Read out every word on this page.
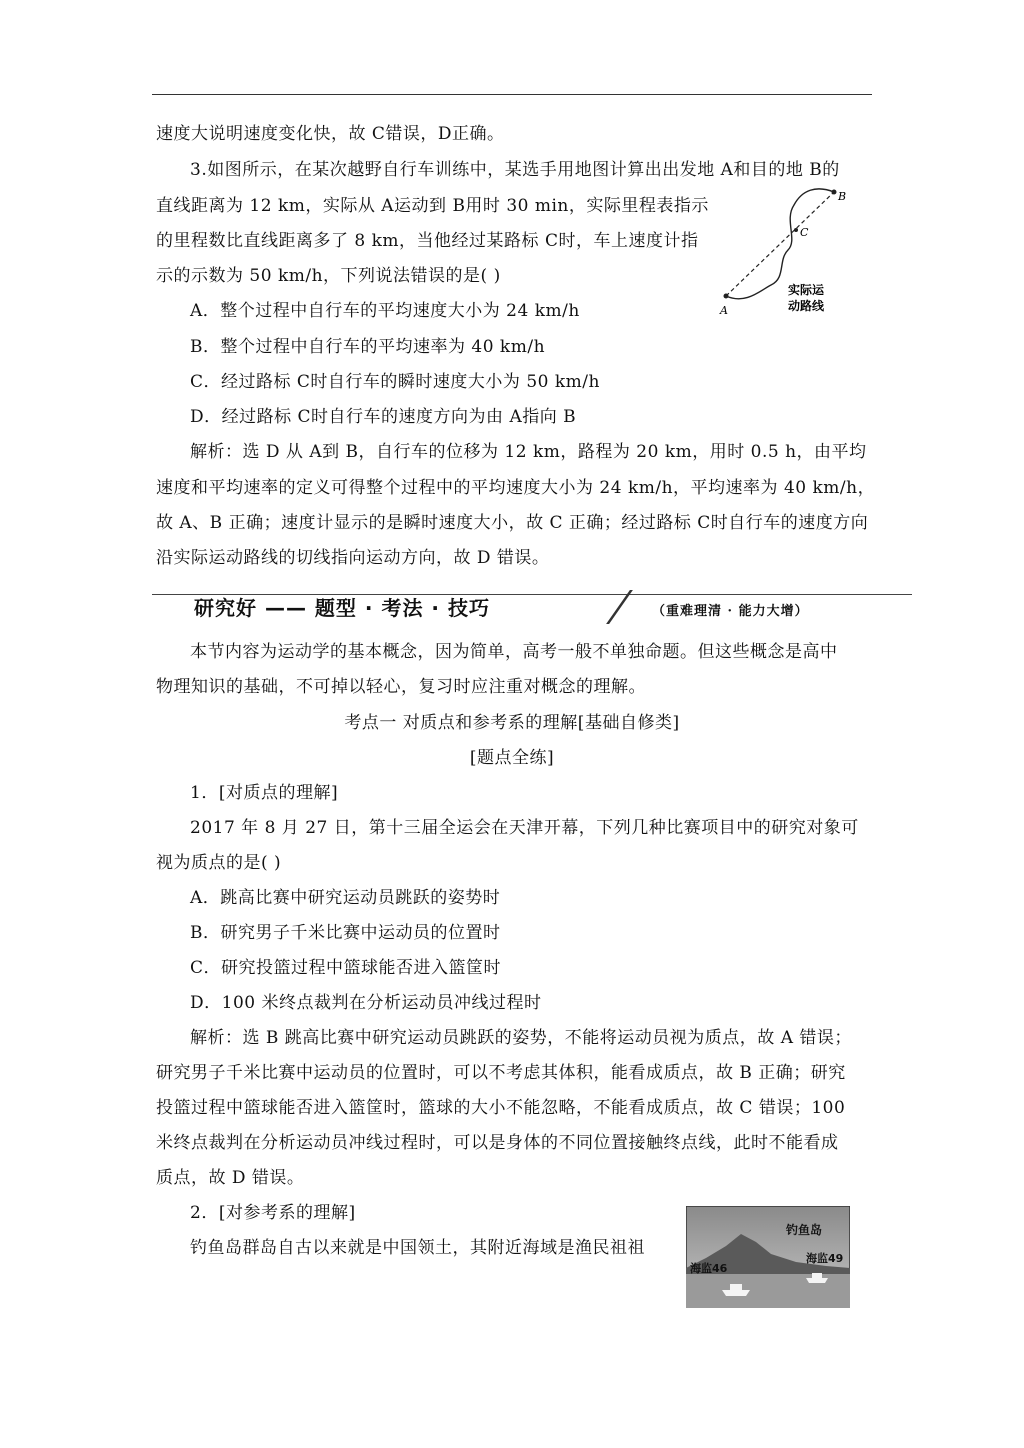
速度大说明速度变化快，故 C错误，D正确。
3.如图所示，在某次越野自行车训练中，某选手用地图计算出出发地 A和目的地 B的
直线距离为 12 km，实际从 A运动到 B用时 30 min，实际里程表指示
的里程数比直线距离多了 8 km，当他经过某路标 C时，车上速度计指
示的示数为 50 km/h，下列说法错误的是( )
A．整个过程中自行车的平均速度大小为 24 km/h
B．整个过程中自行车的平均速率为 40 km/h
C．经过路标 C时自行车的瞬时速度大小为 50 km/h
D．经过路标 C时自行车的速度方向为由 A指向 B
解析：选 D 从 A到 B，自行车的位移为 12 km，路程为 20 km，用时 0.5 h，由平均
速度和平均速率的定义可得整个过程中的平均速度大小为 24 km/h，平均速率为 40 km/h，
故 A、B 正确；速度计显示的是瞬时速度大小，故 C 正确；经过路标 C时自行车的速度方向
沿实际运动路线的切线指向运动方向，故 D 错误。
A
B
C
实际运
动路线
研究好 —— 题型 · 考法 · 技巧	（重难理清 · 能力大增）
本节内容为运动学的基本概念，因为简单，高考一般不单独命题。但这些概念是高中
物理知识的基础，不可掉以轻心，复习时应注重对概念的理解。
考点一 对质点和参考系的理解[基础自修类]
[题点全练]
1．[对质点的理解]
2017 年 8 月 27 日，第十三届全运会在天津开幕，下列几种比赛项目中的研究对象可
视为质点的是( )
A．跳高比赛中研究运动员跳跃的姿势时
B．研究男子千米比赛中运动员的位置时
C．研究投篮过程中篮球能否进入篮筐时
D．100 米终点裁判在分析运动员冲线过程时
解析：选 B 跳高比赛中研究运动员跳跃的姿势，不能将运动员视为质点，故 A 错误；
研究男子千米比赛中运动员的位置时，可以不考虑其体积，能看成质点，故 B 正确；研究
投篮过程中篮球能否进入篮筐时，篮球的大小不能忽略，不能看成质点，故 C 错误；100
米终点裁判在分析运动员冲线过程时，可以是身体的不同位置接触终点线，此时不能看成
质点，故 D 错误。
2．[对参考系的理解]
钓鱼岛群岛自古以来就是中国领土，其附近海域是渔民祖祖
钓鱼岛
海监46
海监49
